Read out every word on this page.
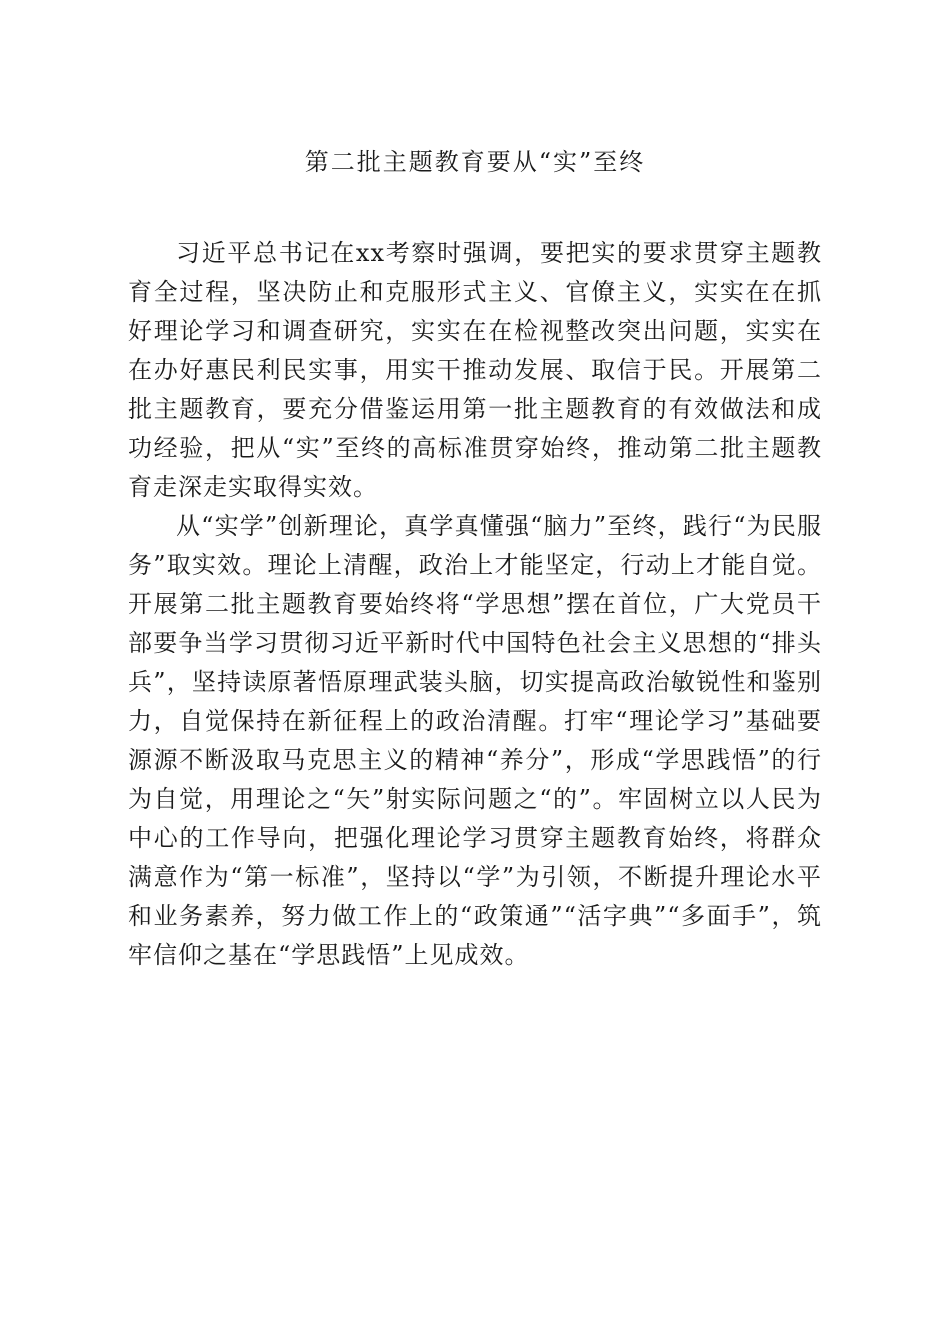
第二批主题教育要从“实”至终

习近平总书记在xx考察时强调，要把实的要求贯穿主题教育全过程，坚决防止和克服形式主义、官僚主义，实实在在抓好理论学习和调查研究，实实在在检视整改突出问题，实实在在办好惠民利民实事，用实干推动发展、取信于民。开展第二批主题教育，要充分借鉴运用第一批主题教育的有效做法和成功经验，把从“实”至终的高标准贯穿始终，推动第二批主题教育走深走实取得实效。

从“实学”创新理论，真学真懂强“脑力”至终，践行“为民服务”取实效。理论上清醒，政治上才能坚定，行动上才能自觉。开展第二批主题教育要始终将“学思想”摆在首位，广大党员干部要争当学习贯彻习近平新时代中国特色社会主义思想的“排头兵”，坚持读原著悟原理武装头脑，切实提高政治敏锐性和鉴别力，自觉保持在新征程上的政治清醒。打牢“理论学习”基础要源源不断汲取马克思主义的精神“养分”，形成“学思践悟”的行为自觉，用理论之“矢”射实际问题之“的”。牢固树立以人民为中心的工作导向，把强化理论学习贯穿主题教育始终，将群众满意作为“第一标准”，坚持以“学”为引领，不断提升理论水平和业务素养，努力做工作上的“政策通”“活字典”“多面手”，筑牢信仰之基在“学思践悟”上见成效。
